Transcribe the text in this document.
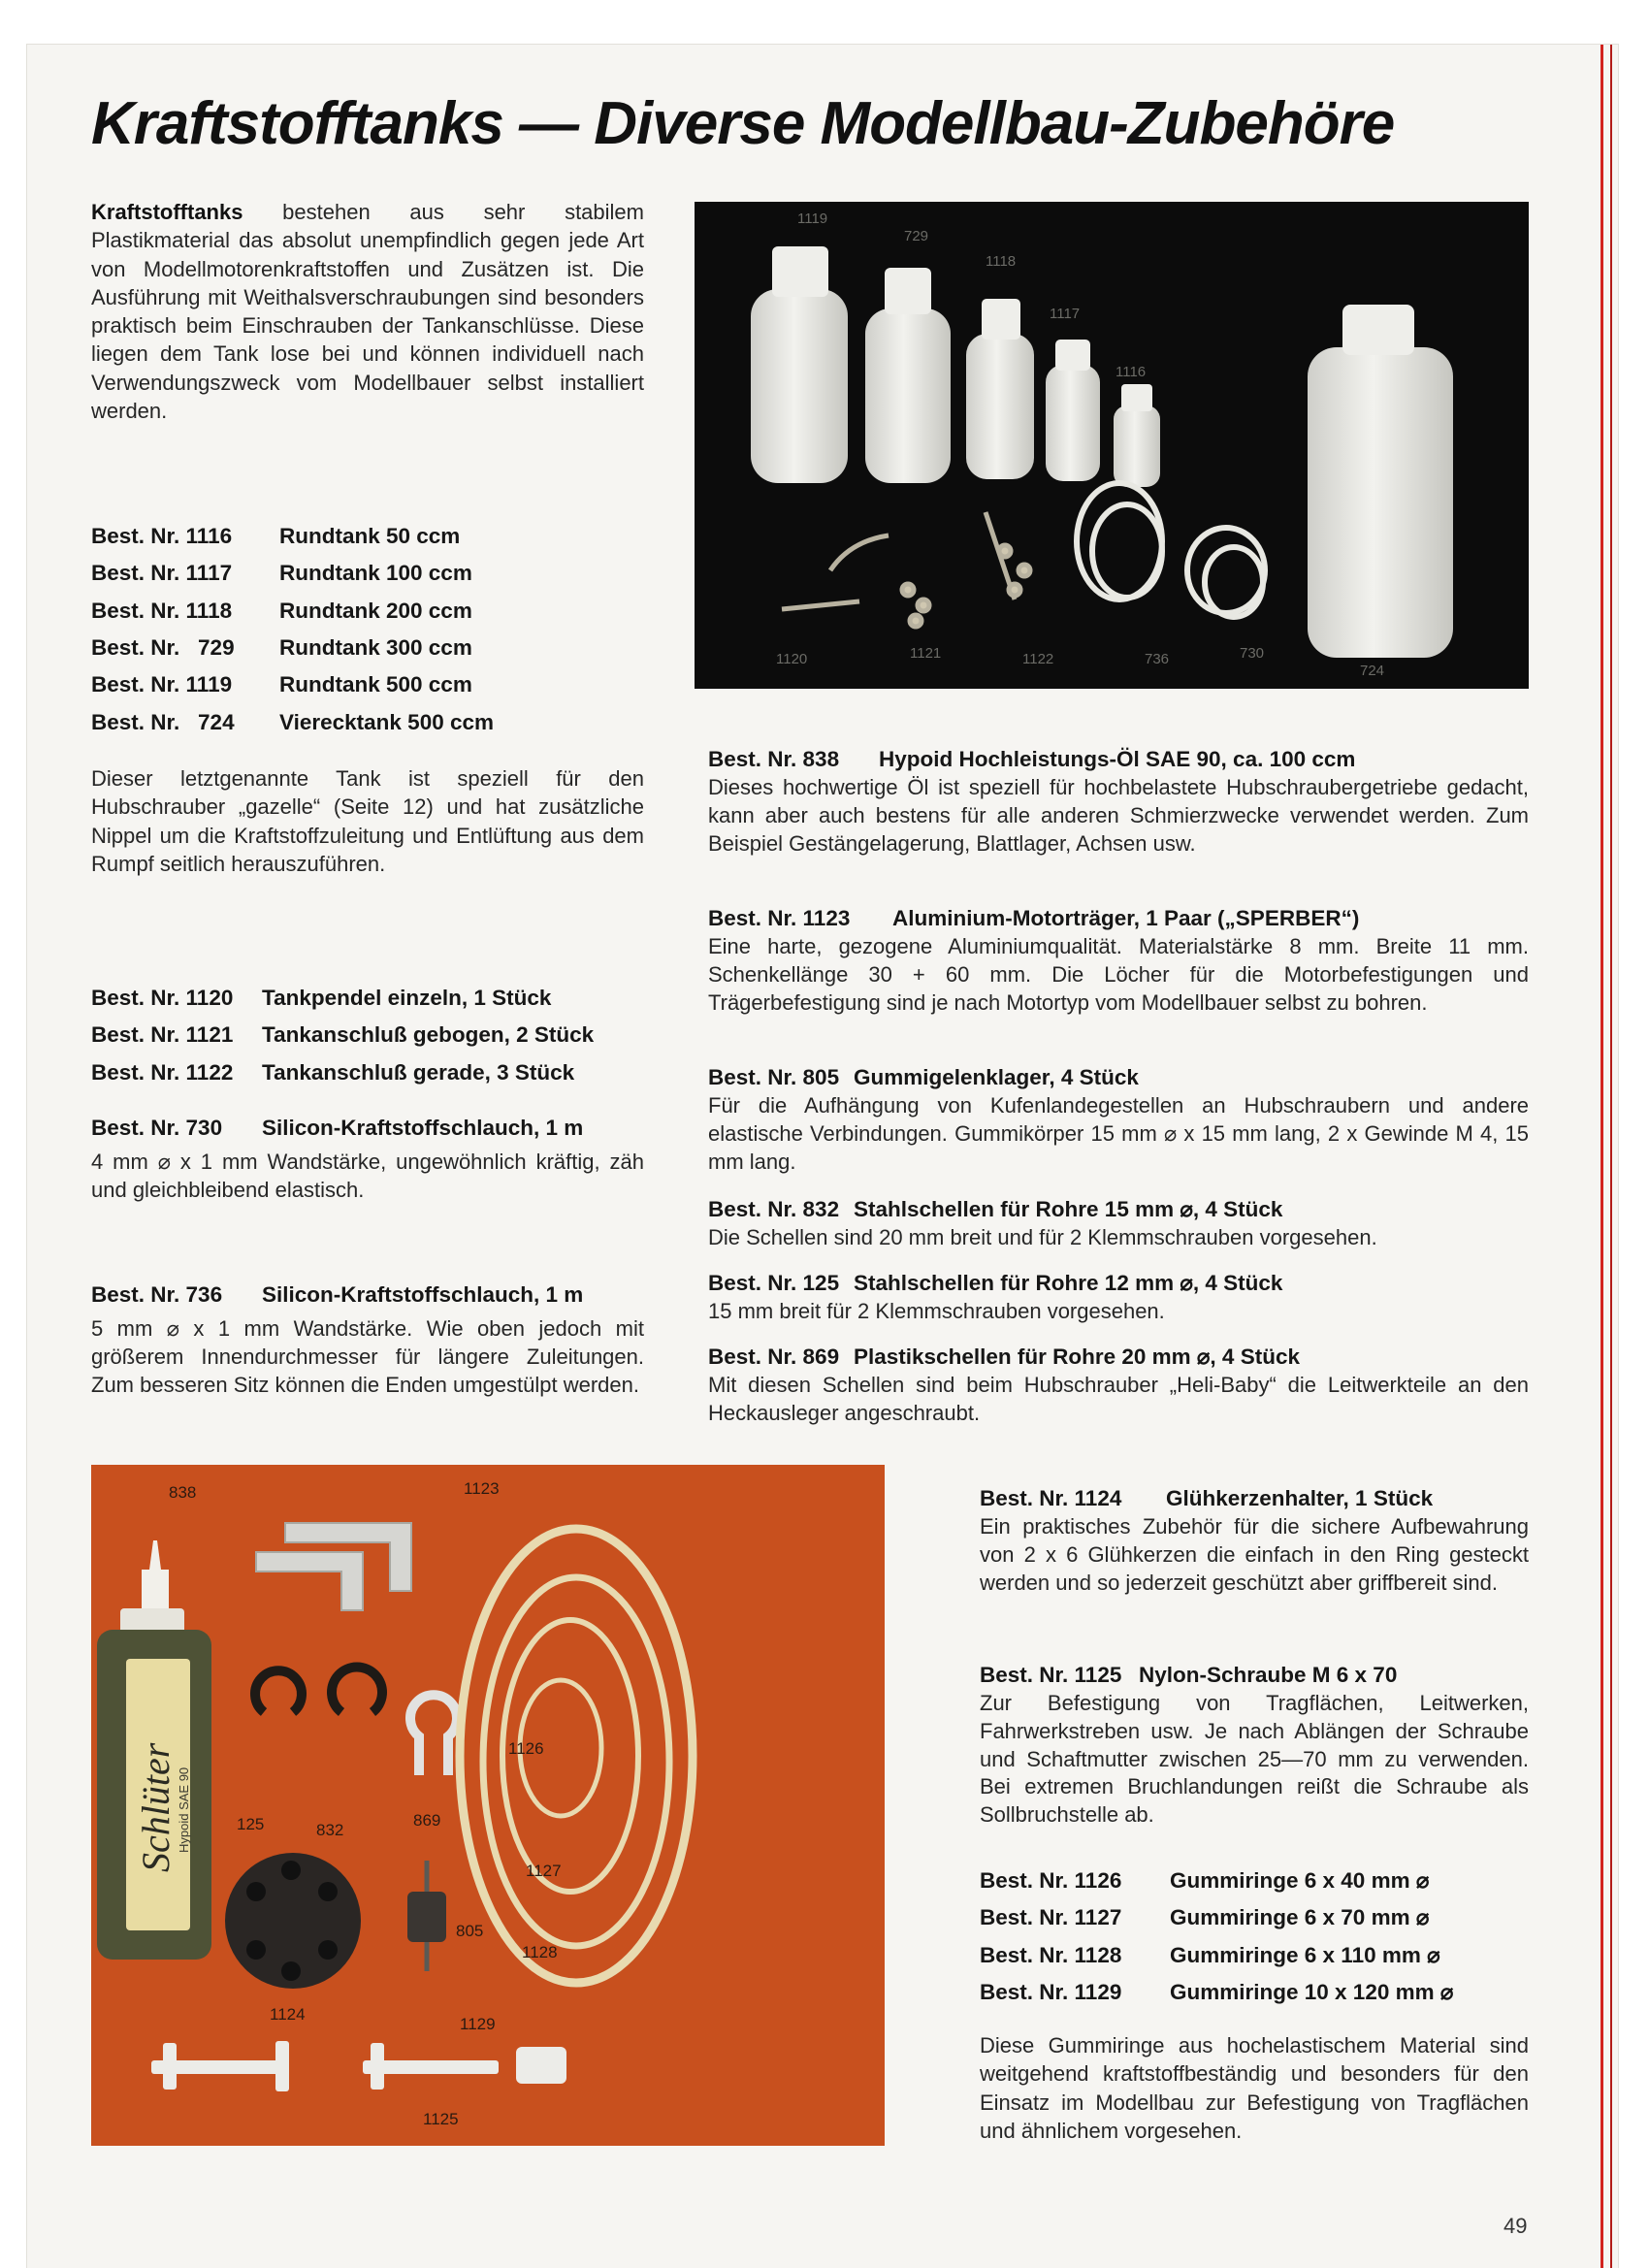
Kraftstofftanks — Diverse Modellbau-Zubehöre

Kraftstofftanks bestehen aus sehr stabilem Plastikmaterial das absolut unempfindlich gegen jede Art von Modellmotorenkraftstoffen und Zusätzen ist. Die Ausführung mit Weithalsverschraubungen sind besonders praktisch beim Einschrauben der Tankanschlüsse. Diese liegen dem Tank lose bei und können individuell nach Verwendungszweck vom Modellbauer selbst installiert werden.

Best. Nr. 1116	Rundtank 50 ccm
Best. Nr. 1117	Rundtank 100 ccm
Best. Nr. 1118	Rundtank 200 ccm
Best. Nr.   729	Rundtank 300 ccm
Best. Nr. 1119	Rundtank 500 ccm
Best. Nr.   724	Vierecktank 500 ccm

Dieser letztgenannte Tank ist speziell für den Hubschrauber „gazelle“ (Seite 12) und hat zusätzliche Nippel um die Kraftstoffzuleitung und Entlüftung aus dem Rumpf seitlich herauszuführen.

Best. Nr. 1120	Tankpendel einzeln, 1 Stück
Best. Nr. 1121	Tankanschluß gebogen, 2 Stück
Best. Nr. 1122	Tankanschluß gerade, 3 Stück
Best. Nr. 730	Silicon-Kraftstoffschlauch, 1 m
4 mm ⌀ x 1 mm Wandstärke, ungewöhnlich kräftig, zäh und gleichbleibend elastisch.
Best. Nr. 736	Silicon-Kraftstoffschlauch, 1 m
5 mm ⌀ x 1 mm Wandstärke. Wie oben jedoch mit größerem Innendurchmesser für längere Zuleitungen. Zum besseren Sitz können die Enden umgestülpt werden.
1119
729
1118
1117
1116
1120	1121	1122	736	730
724
Best. Nr. 838	Hypoid Hochleistungs-Öl SAE 90, ca. 100 ccm
Dieses hochwertige Öl ist speziell für hochbelastete Hubschraubergetriebe gedacht, kann aber auch bestens für alle anderen Schmierzwecke verwendet werden. Zum Beispiel Gestängelagerung, Blattlager, Achsen usw.
Best. Nr. 1123	Aluminium-Motorträger, 1 Paar („SPERBER“)
Eine harte, gezogene Aluminiumqualität. Materialstärke 8 mm. Breite 11 mm. Schenkellänge 30 + 60 mm. Die Löcher für die Motorbefestigungen und Trägerbefestigung sind je nach Motortyp vom Modellbauer selbst zu bohren.
Best. Nr. 805 Gummigelenklager, 4 Stück
Für die Aufhängung von Kufenlandegestellen an Hubschraubern und andere elastische Verbindungen. Gummikörper 15 mm ⌀ x 15 mm lang, 2 x Gewinde M 4, 15 mm lang.
Best. Nr. 832 Stahlschellen für Rohre 15 mm ⌀, 4 Stück
Die Schellen sind 20 mm breit und für 2 Klemmschrauben vorgesehen.
Best. Nr. 125 Stahlschellen für Rohre 12 mm ⌀, 4 Stück
15 mm breit für 2 Klemmschrauben vorgesehen.
Best. Nr. 869 Plastikschellen für Rohre 20 mm ⌀, 4 Stück
Mit diesen Schellen sind beim Hubschrauber „Heli-Baby“ die Leitwerkteile an den Heckausleger angeschraubt.
Schlüter Hypoid SAE 90
838	1123
1126
125	832
869
1127
805
1128
1124
1129
1125
Best. Nr. 1124	Glühkerzenhalter, 1 Stück
Ein praktisches Zubehör für die sichere Aufbewahrung von 2 x 6 Glühkerzen die einfach in den Ring gesteckt werden und so jederzeit geschützt aber griffbereit sind.
Best. Nr. 1125 Nylon-Schraube M 6 x 70
Zur Befestigung von Tragflächen, Leitwerken, Fahrwerkstreben usw. Je nach Ablängen der Schraube und Schaftmutter zwischen 25—70 mm zu verwenden. Bei extremen Bruchlandungen reißt die Schraube als Sollbruchstelle ab.
Best. Nr. 1126	Gummiringe 6 x 40 mm ⌀
Best. Nr. 1127	Gummiringe 6 x 70 mm ⌀
Best. Nr. 1128	Gummiringe 6 x 110 mm ⌀
Best. Nr. 1129	Gummiringe 10 x 120 mm ⌀

Diese Gummiringe aus hochelastischem Material sind weitgehend kraftstoffbeständig und besonders für den Einsatz im Modellbau zur Befestigung von Tragflächen und ähnlichem vorgesehen.

49
